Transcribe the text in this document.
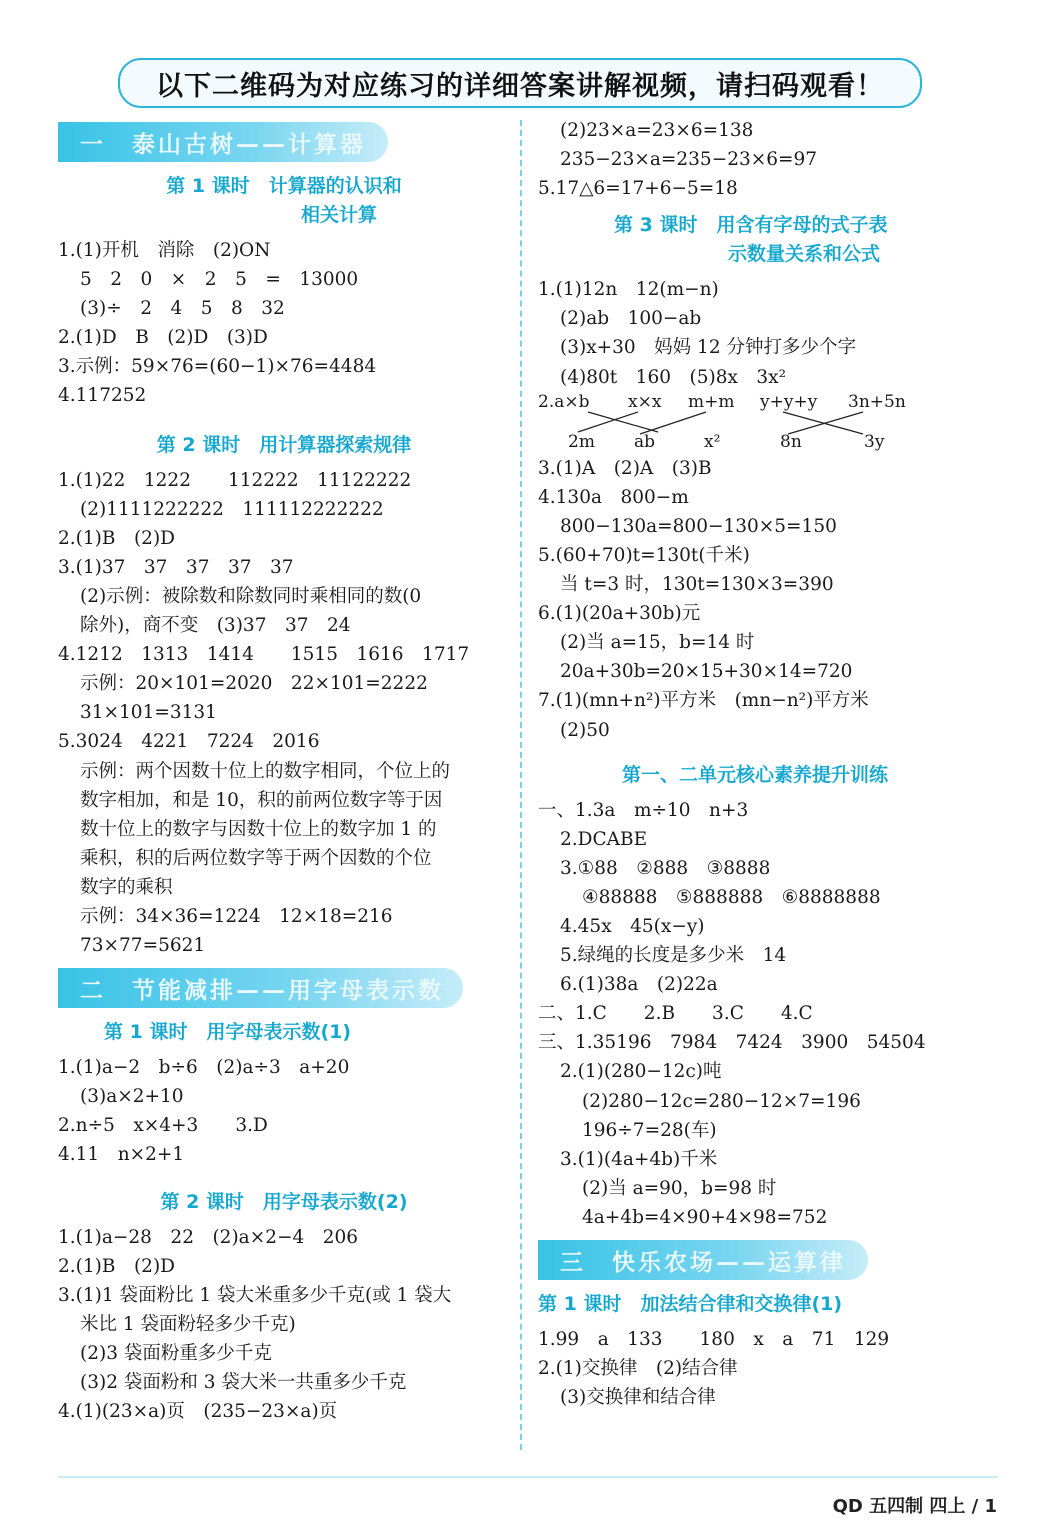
以下二维码为对应练习的详细答案讲解视频，请扫码观看！
一　泰山古树——计算器
第 1 课时　计算器的认识和
相关计算
1.(1)开机　消除　(2)ON
5　2　0　×　2　5　=　13000
(3)÷　2　4　5　8　32
2.(1)D　B　(2)D　(3)D
3.示例：59×76=(60−1)×76=4484
4.117252
第 2 课时　用计算器探索规律
1.(1)22　1222　　112222　11122222
(2)1111222222　111112222222
2.(1)B　(2)D
3.(1)37　37　37　37　37
(2)示例：被除数和除数同时乘相同的数(0
除外)，商不变　(3)37　37　24
4.1212　1313　1414　　1515　1616　1717
示例：20×101=2020　22×101=2222
31×101=3131
5.3024　4221　7224　2016
示例：两个因数十位上的数字相同，个位上的
数字相加，和是 10，积的前两位数字等于因
数十位上的数字与因数十位上的数字加 1 的
乘积，积的后两位数字等于两个因数的个位
数字的乘积
示例：34×36=1224　12×18=216
73×77=5621
二　节能减排——用字母表示数
第 1 课时　用字母表示数(1)
1.(1)a−2　b÷6　(2)a÷3　a+20
(3)a×2+10
2.n÷5　x×4+3　　3.D
4.11　n×2+1
第 2 课时　用字母表示数(2)
1.(1)a−28　22　(2)a×2−4　206
2.(1)B　(2)D
3.(1)1 袋面粉比 1 袋大米重多少千克(或 1 袋大
米比 1 袋面粉轻多少千克)
(2)3 袋面粉重多少千克
(3)2 袋面粉和 3 袋大米一共重多少千克
4.(1)(23×a)页　(235−23×a)页
(2)23×a=23×6=138
235−23×a=235−23×6=97
5.17△6=17+6−5=18
第 3 课时　用含有字母的式子表
示数量关系和公式
1.(1)12n　12(m−n)
(2)ab　100−ab
(3)x+30　妈妈 12 分钟打多少个字
(4)80t　160　(5)8x　3x²
2.a×b x×x m+m y+y+y 3n+5n
2m ab	x²	8n	3y
3.(1)A　(2)A　(3)B
4.130a　800−m
800−130a=800−130×5=150
5.(60+70)t=130t(千米)
当 t=3 时，130t=130×3=390
6.(1)(20a+30b)元
(2)当 a=15，b=14 时
20a+30b=20×15+30×14=720
7.(1)(mn+n²)平方米　(mn−n²)平方米
(2)50
第一、二单元核心素养提升训练
一、1.3a　m÷10　n+3
2.DCABE
3.①88　②888　③8888
④88888　⑤888888　⑥8888888
4.45x　45(x−y)
5.绿绳的长度是多少米　14
6.(1)38a　(2)22a
二、1.C　　2.B　　3.C　　4.C
三、1.35196　7984　7424　3900　54504
2.(1)(280−12c)吨
(2)280−12c=280−12×7=196
196÷7=28(车)
3.(1)(4a+4b)千米
(2)当 a=90，b=98 时
4a+4b=4×90+4×98=752
三　快乐农场——运算律
第 1 课时　加法结合律和交换律(1)
1.99　a　133　　180　x　a　71　129
2.(1)交换律　(2)结合律
(3)交换律和结合律
QD 五四制 四上 / 1
